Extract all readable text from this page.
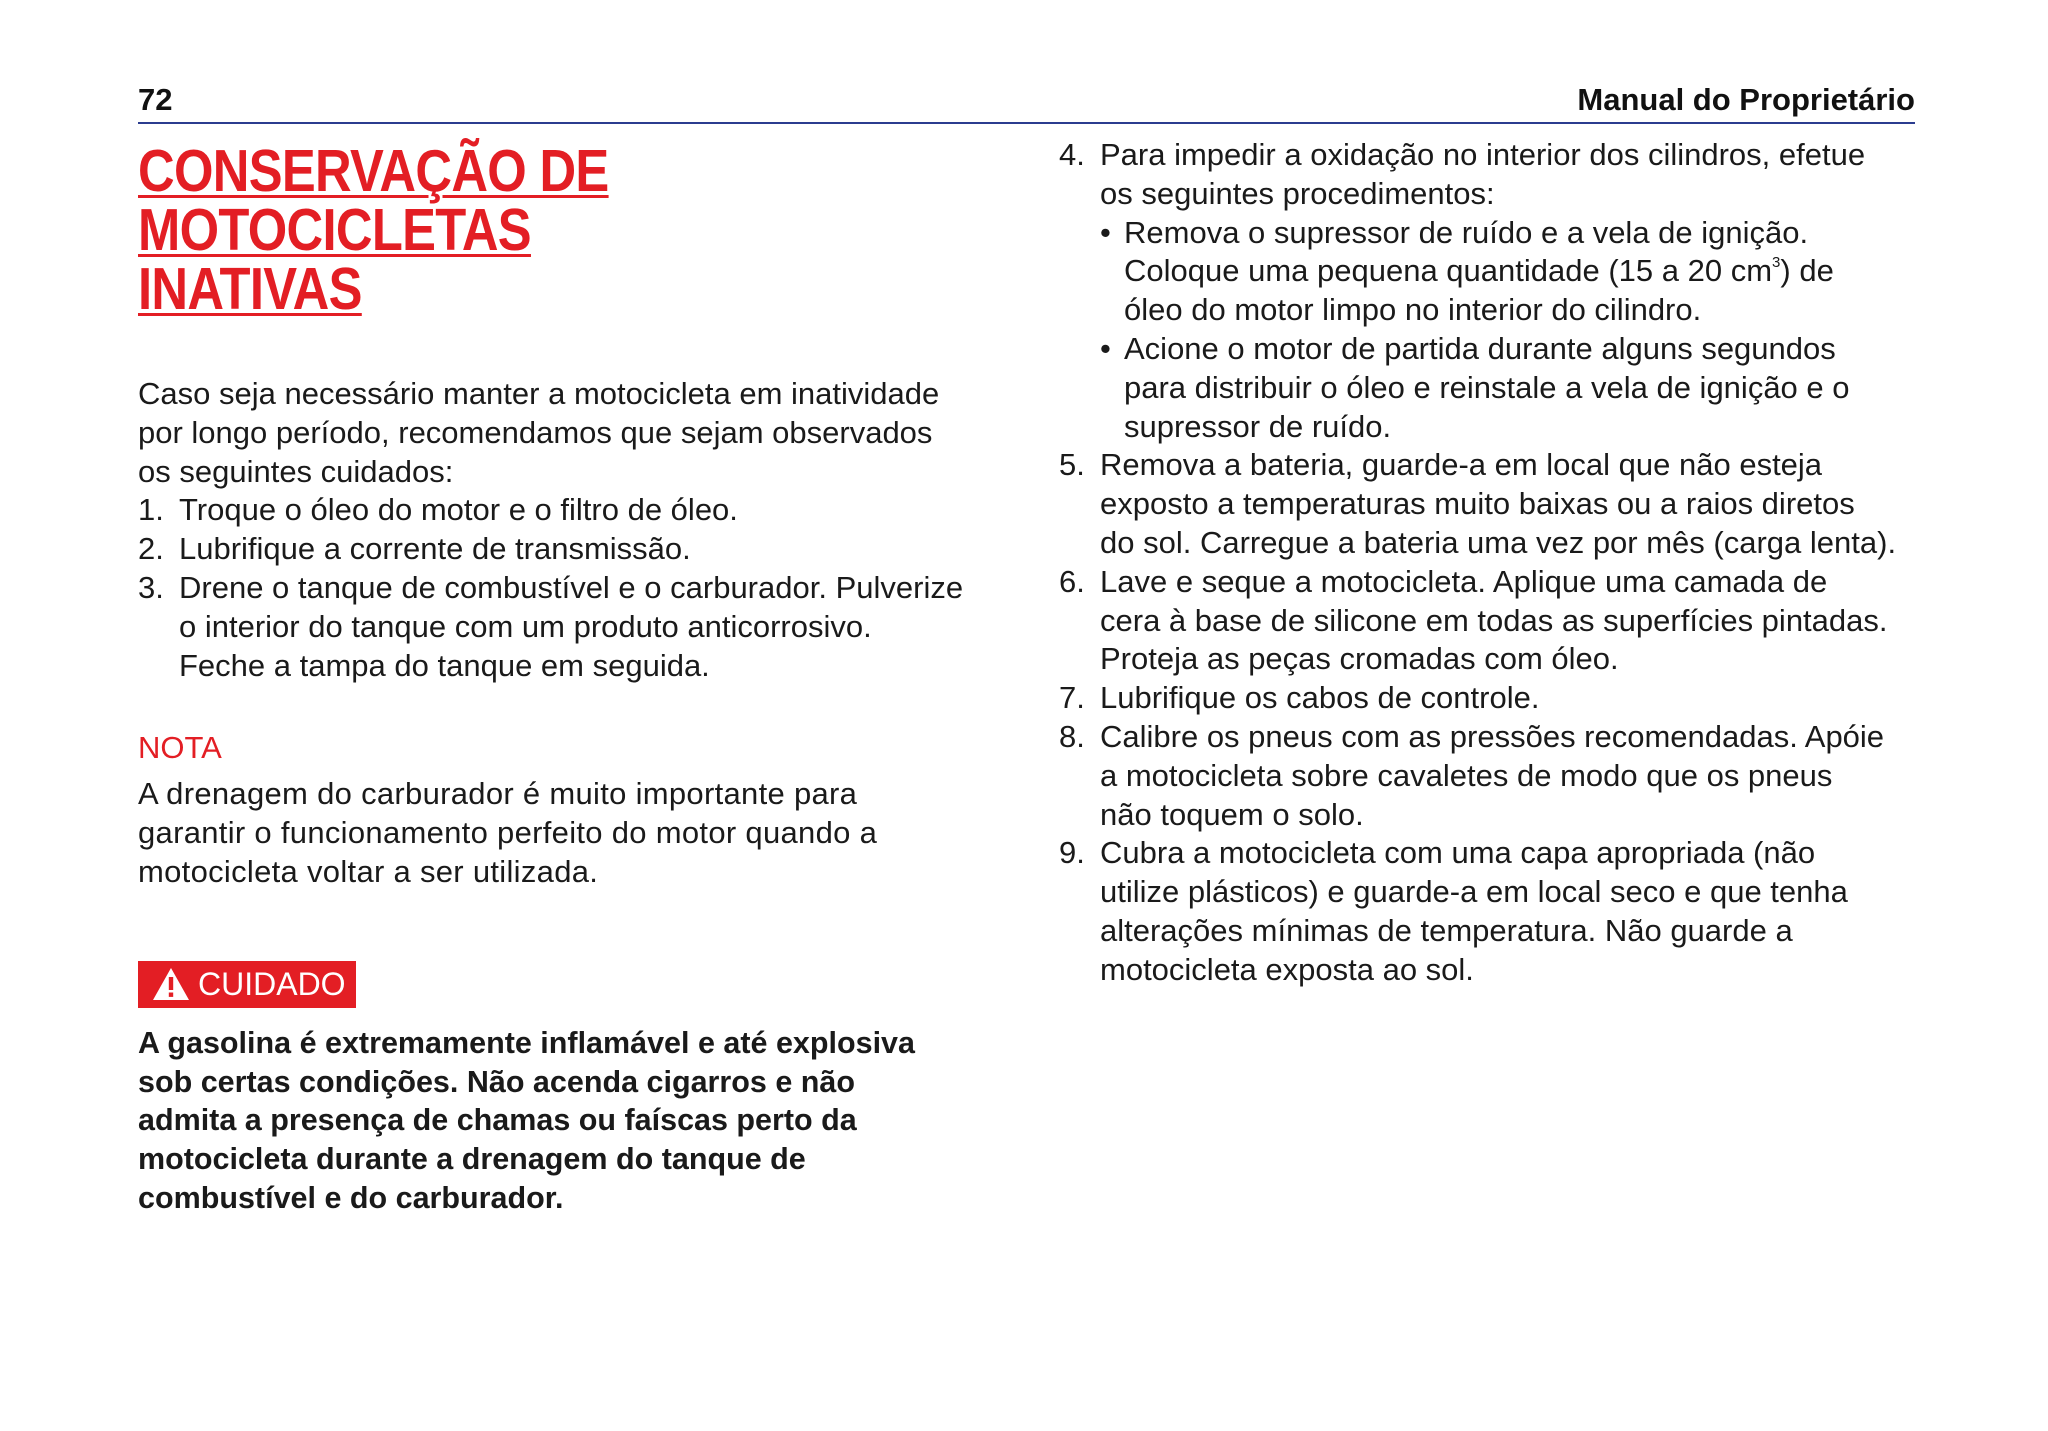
72	Manual do Proprietário
CONSERVAÇÃO DE MOTOCICLETAS
INATIVAS

Caso seja necessário manter a motocicleta em inatividade
por longo período, recomendamos que sejam observados
os seguintes cuidados:

1. Troque o óleo do motor e o filtro de óleo.
2. Lubrifique a corrente de transmissão.
3. Drene o tanque de combustível e o carburador. Pulverize
o interior do tanque com um produto anticorrosivo.
Feche a tampa do tanque em seguida.
NOTA

A drenagem do carburador é muito importante para
garantir o funcionamento perfeito do motor quando a
motocicleta voltar a ser utilizada.

CUIDADO

A gasolina é extremamente inflamável e até explosiva
sob certas condições. Não acenda cigarros e não
admita a presença de chamas ou faíscas perto da
motocicleta durante a drenagem do tanque de
combustível e do carburador.

4. Para impedir a oxidação no interior dos cilindros, efetue
os seguintes procedimentos:
• Remova o supressor de ruído e a vela de ignição.
Coloque uma pequena quantidade (15 a 20 $cm^3$) de
óleo do motor limpo no interior do cilindro.
• Acione o motor de partida durante alguns segundos
para distribuir o óleo e reinstale a vela de ignição e o
supressor de ruído.
5. Remova a bateria, guarde-a em local que não esteja
exposto a temperaturas muito baixas ou a raios diretos
do sol. Carregue a bateria uma vez por mês (carga lenta).
6. Lave e seque a motocicleta. Aplique uma camada de
cera à base de silicone em todas as superfícies pintadas.
Proteja as peças cromadas com óleo.
7. Lubrifique os cabos de controle.
8. Calibre os pneus com as pressões recomendadas. Apóie
a motocicleta sobre cavaletes de modo que os pneus
não toquem o solo.
9. Cubra a motocicleta com uma capa apropriada (não
utilize plásticos) e guarde-a em local seco e que tenha
alterações mínimas de temperatura. Não guarde a
motocicleta exposta ao sol.
